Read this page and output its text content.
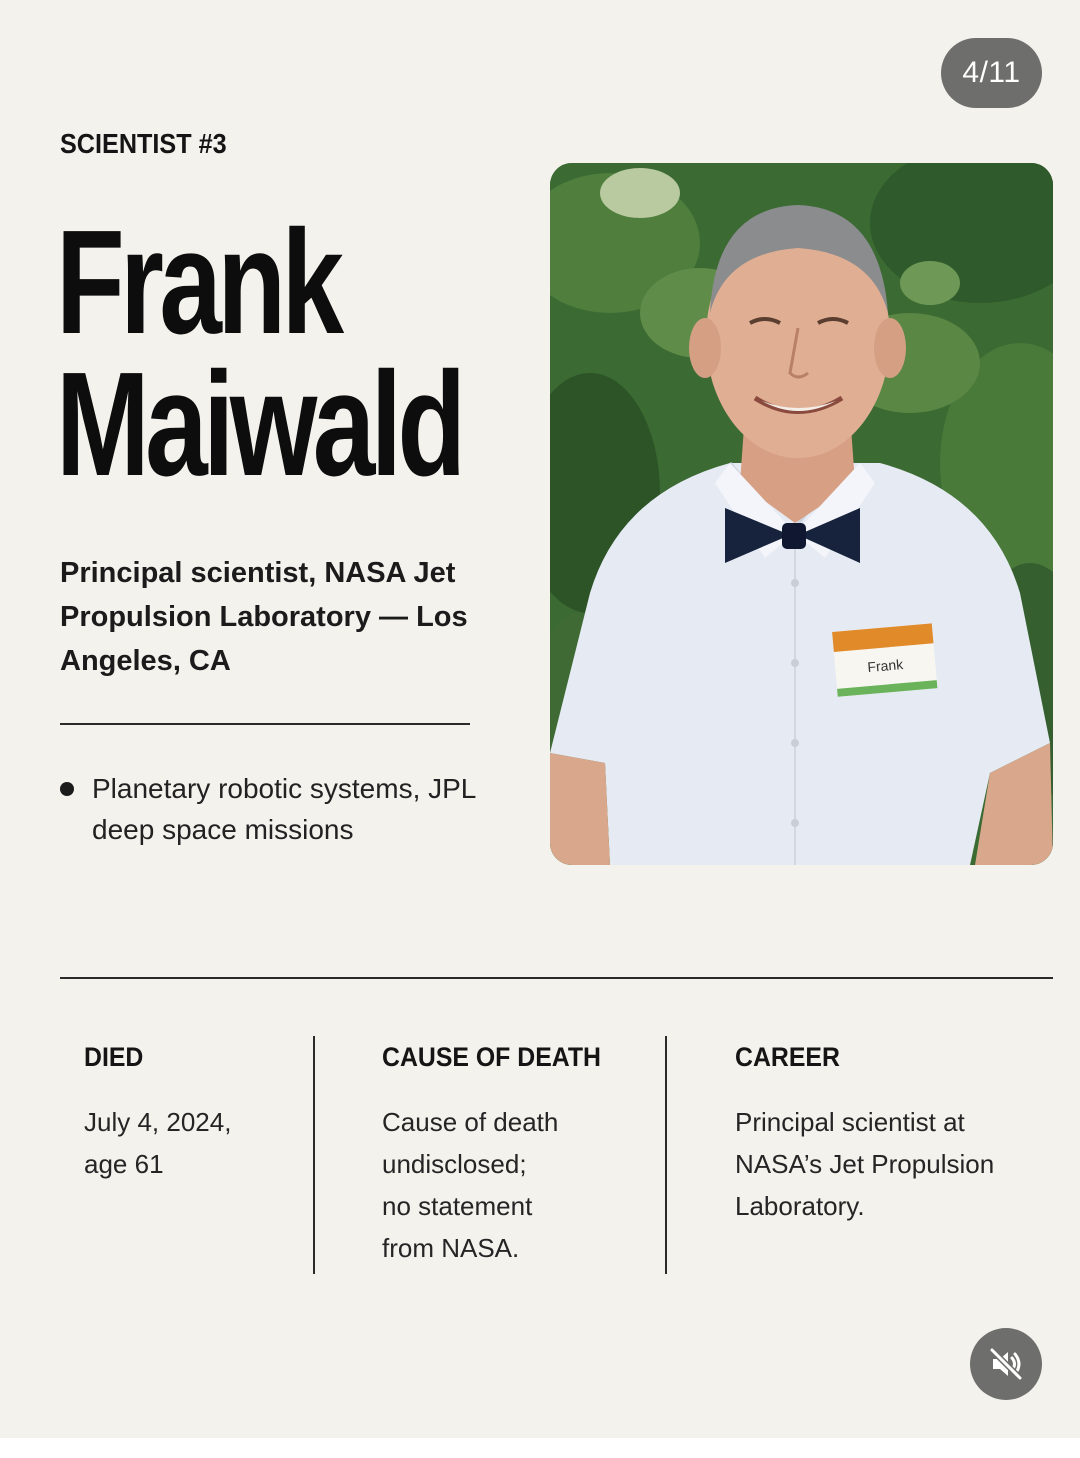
4/11
SCIENTIST #3
Frank
Maiwald
Principal scientist, NASA Jet Propulsion Laboratory — Los Angeles, CA
Planetary robotic systems, JPL deep space missions
Frank
DIED
July 4, 2024,
age 61
CAUSE OF DEATH
Cause of death
undisclosed;
no statement
from NASA.
CAREER
Principal scientist at
NASA’s Jet Propulsion
Laboratory.
